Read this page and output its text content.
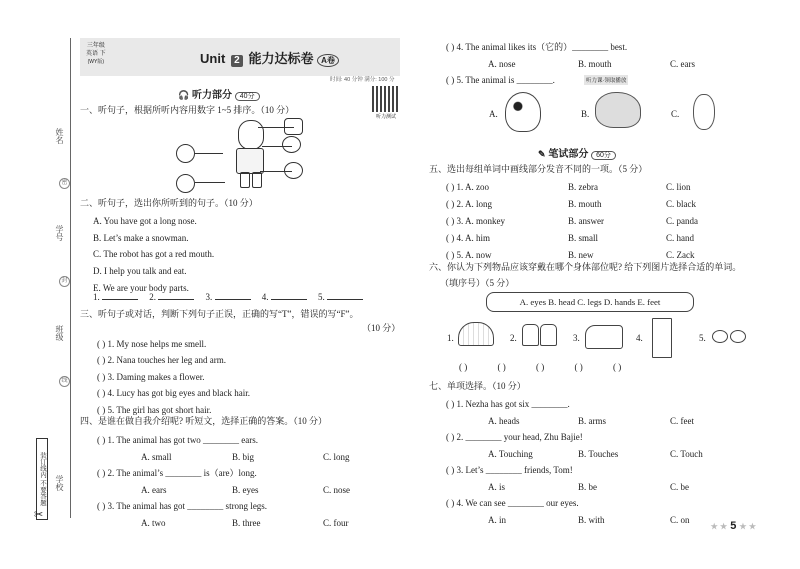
姓名
密
学号
封
班级
线
学校
装订线内 不要答题
✂
三年级
英语 下
(WY版)	Unit 2 能力达标卷 A卷
时间: 40 分钟 满分: 100 分
听力测试
🎧 听力部分 40分
一、听句子，根据所听内容用数字 1~5 排序。（10 分）
二、听句子，选出你所听到的句子。（10 分）
A. You have got a long nose.
B. Let’s make a snowman.
C. The robot has got a red mouth.
D. I help you talk and eat.
E. We are your body parts.
1.	2.	3.	4.	5.
三、听句子或对话，判断下列句子正误，正确的写“T”，错误的写“F”。
（10 分）
( ) 1. My nose helps me smell.
( ) 2. Nana touches her leg and arm.
( ) 3. Daming makes a flower.
( ) 4. Lucy has got big eyes and black hair.
( ) 5. The girl has got short hair.
四、是谁在做自我介绍呢? 听短文，选择正确的答案。（10 分）
( ) 1. The animal has got two ________ ears.
A. small	B. big	C. long
( ) 2. The animal’s ________ is（are）long.
A. ears	B. eyes	C. nose
( ) 3. The animal has got ________ strong legs.
A. two	B. three	C. four
( ) 4. The animal likes its（它的）________ best.
A. nose	B. mouth	C. ears
( ) 5. The animal is ________.	听力课·领取播放
A.	B.	C.
✎ 笔试部分 60分
五、选出每组单词中画线部分发音不同的一项。（5 分）
( ) 1. A. zoo	B. zebra	C. lion
( ) 2. A. long	B. mouth	C. black
( ) 3. A. monkey	B. answer	C. panda
( ) 4. A. him	B. small	C. hand
( ) 5. A. now	B. new	C. Zack
六、你认为下列物品应该穿戴在哪个身体部位呢? 给下列图片选择合适的单词。
（填序号）（5 分）
A. eyes B. head C. legs D. hands E. feet
1.	2.	3.	4.	5.
( )	( )	( )	( )	( )
七、单项选择。（10 分）
( ) 1. Nezha has got six ________.
A. heads	B. arms	C. feet
( ) 2. ________ your head, Zhu Bajie!
A. Touching	B. Touches	C. Touch
( ) 3. Let’s ________ friends, Tom!
A. is	B. be	C. be
( ) 4. We can see ________ our eyes.
A. in	B. with	C. on
★ ★ 5 ★ ★
